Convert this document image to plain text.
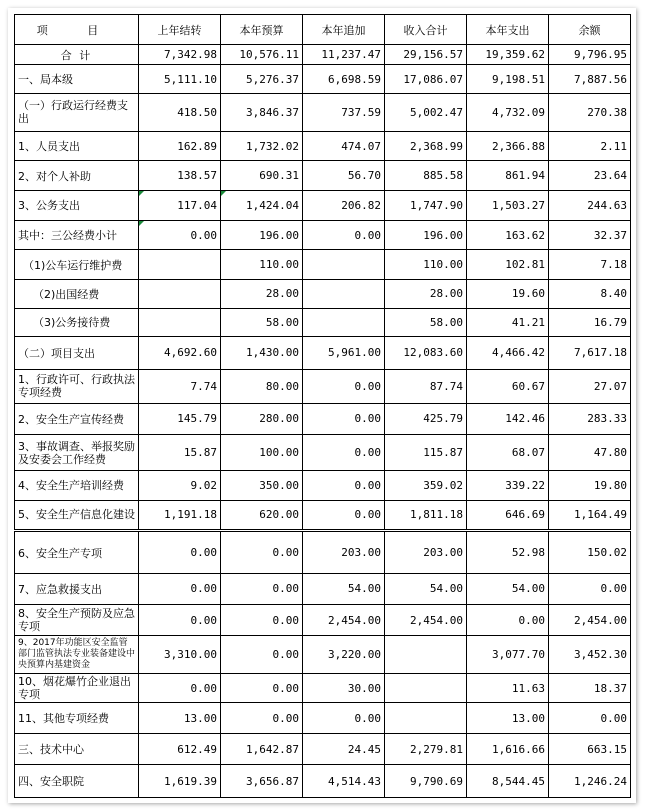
项 目	上年结转	本年预算	本年追加	收入合计	本年支出	余额
合 计	7,342.98	10,576.11	11,237.47	29,156.57	19,359.62	9,796.95
一、局本级	5,111.10	5,276.37	6,698.59	17,086.07	9,198.51	7,887.56
（一）行政运行经费支出	418.50	3,846.37	737.59	5,002.47	4,732.09	270.38
1、人员支出	162.89	1,732.02	474.07	2,368.99	2,366.88	2.11
2、对个人补助	138.57	690.31	56.70	885.58	861.94	23.64
3、公务支出	117.04	1,424.04	206.82	1,747.90	1,503.27	244.63
其中：三公经费小计	0.00	196.00	0.00	196.00	163.62	32.37
（1)公车运行维护费		110.00		110.00	102.81	7.18
（2)出国经费		28.00		28.00	19.60	8.40
（3)公务接待费		58.00		58.00	41.21	16.79
（二）项目支出	4,692.60	1,430.00	5,961.00	12,083.60	4,466.42	7,617.18
1、行政许可、行政执法专项经费	7.74	80.00	0.00	87.74	60.67	27.07
2、安全生产宣传经费	145.79	280.00	0.00	425.79	142.46	283.33
3、事故调查、举报奖励及安委会工作经费	15.87	100.00	0.00	115.87	68.07	47.80
4、安全生产培训经费	9.02	350.00	0.00	359.02	339.22	19.80
5、安全生产信息化建设	1,191.18	620.00	0.00	1,811.18	646.69	1,164.49
6、安全生产专项	0.00	0.00	203.00	203.00	52.98	150.02
7、应急救援支出	0.00	0.00	54.00	54.00	54.00	0.00
8、安全生产预防及应急专项	0.00	0.00	2,454.00	2,454.00	0.00	2,454.00
9、2017年功能区安全监管部门监管执法专业装备建设中央预算内基建资金	3,310.00	0.00	3,220.00		3,077.70	3,452.30
10、烟花爆竹企业退出专项	0.00	0.00	30.00		11.63	18.37
11、其他专项经费	13.00	0.00	0.00		13.00	0.00
三、技术中心	612.49	1,642.87	24.45	2,279.81	1,616.66	663.15
四、安全职院	1,619.39	3,656.87	4,514.43	9,790.69	8,544.45	1,246.24
